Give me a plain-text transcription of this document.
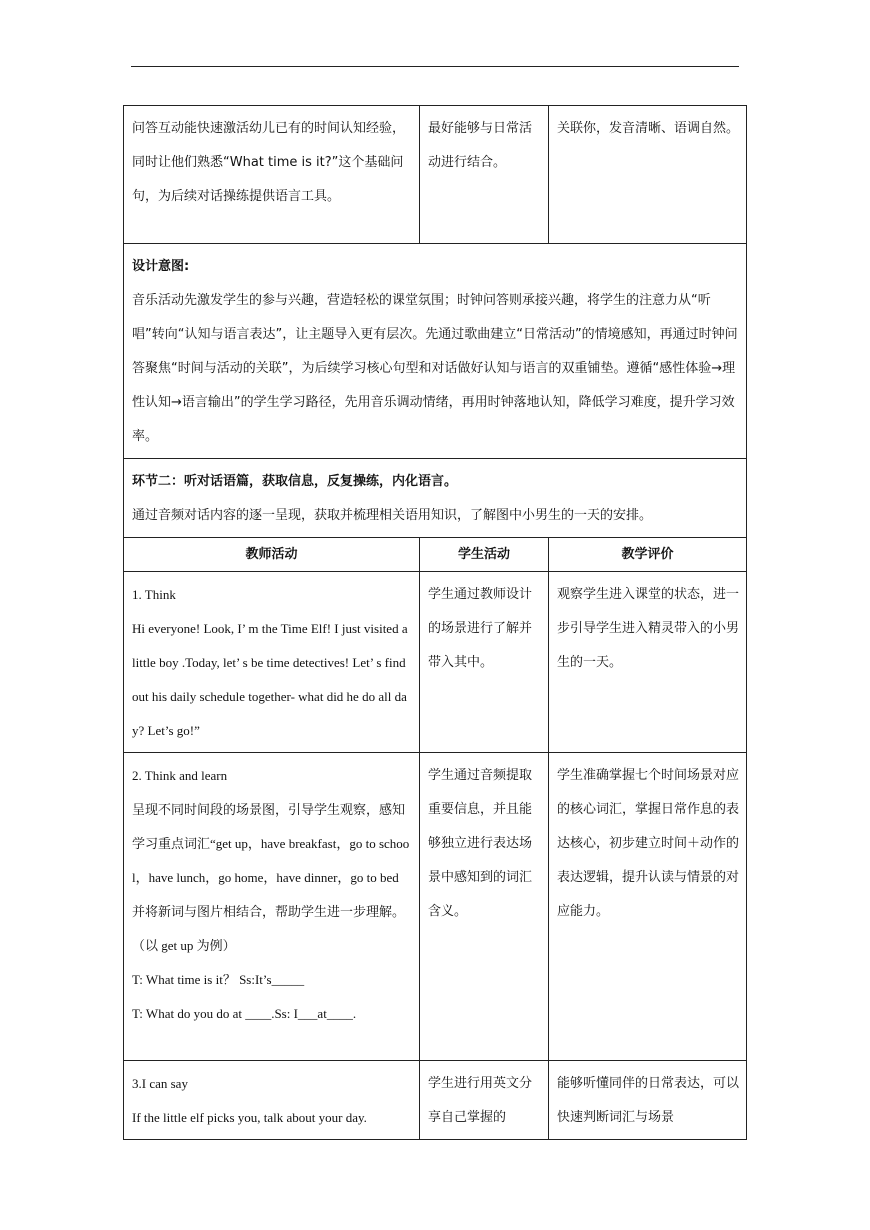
问答互动能快速激活幼儿已有的时间认知经验，同时让他们熟悉“What time is it?”这个基础问句，为后续对话操练提供语言工具。	最好能够与日常活动进行结合。	关联你，发音清晰、语调自然。

设计意图:
音乐活动先激发学生的参与兴趣，营造轻松的课堂氛围；时钟问答则承接兴趣，将学生的注意力从“听唱”转向“认知与语言表达”，让主题导入更有层次。先通过歌曲建立“日常活动”的情境感知，再通过时钟问答聚焦“时间与活动的关联”，为后续学习核心句型和对话做好认知与语言的双重铺垫。遵循“感性体验→理性认知→语言输出”的学生学习路径，先用音乐调动情绪，再用时钟落地认知，降低学习难度，提升学习效率。		

环节二：听对话语篇，获取信息，反复操练，内化语言。
通过音频对话内容的逐一呈现，获取并梳理相关语用知识，了解图中小男生的一天的安排。		

教师活动	学生活动	教学评价

1. Think
Hi everyone! Look, I’ m the Time Elf! I just visited a little boy .Today, let’ s be time detectives! Let’ s find out his daily schedule together- what did he do all day? Let’s go!”	学生通过教师设计的场景进行了解并带入其中。	观察学生进入课堂的状态，进一步引导学生进入精灵带入的小男生的一天。

2. Think and learn
呈现不同时间段的场景图，引导学生观察，感知学习重点词汇“get up，have breakfast，go to school，have lunch，go home，have dinner，go to bed 并将新词与图片相结合，帮助学生进一步理解。
（以 get up 为例）
T: What time is it？ Ss:It’s_____
T: What do you do at ____.Ss: I___at____.	学生通过音频提取重要信息，并且能够独立进行表达场景中感知到的词汇含义。	学生准确掌握七个时间场景对应的核心词汇，掌握日常作息的表达核心，初步建立时间＋动作的表达逻辑，提升认读与情景的对应能力。

3.I can say
If the little elf picks you, talk about your day.	学生进行用英文分享自己掌握的	能够听懂同伴的日常表达，可以快速判断词汇与场景
